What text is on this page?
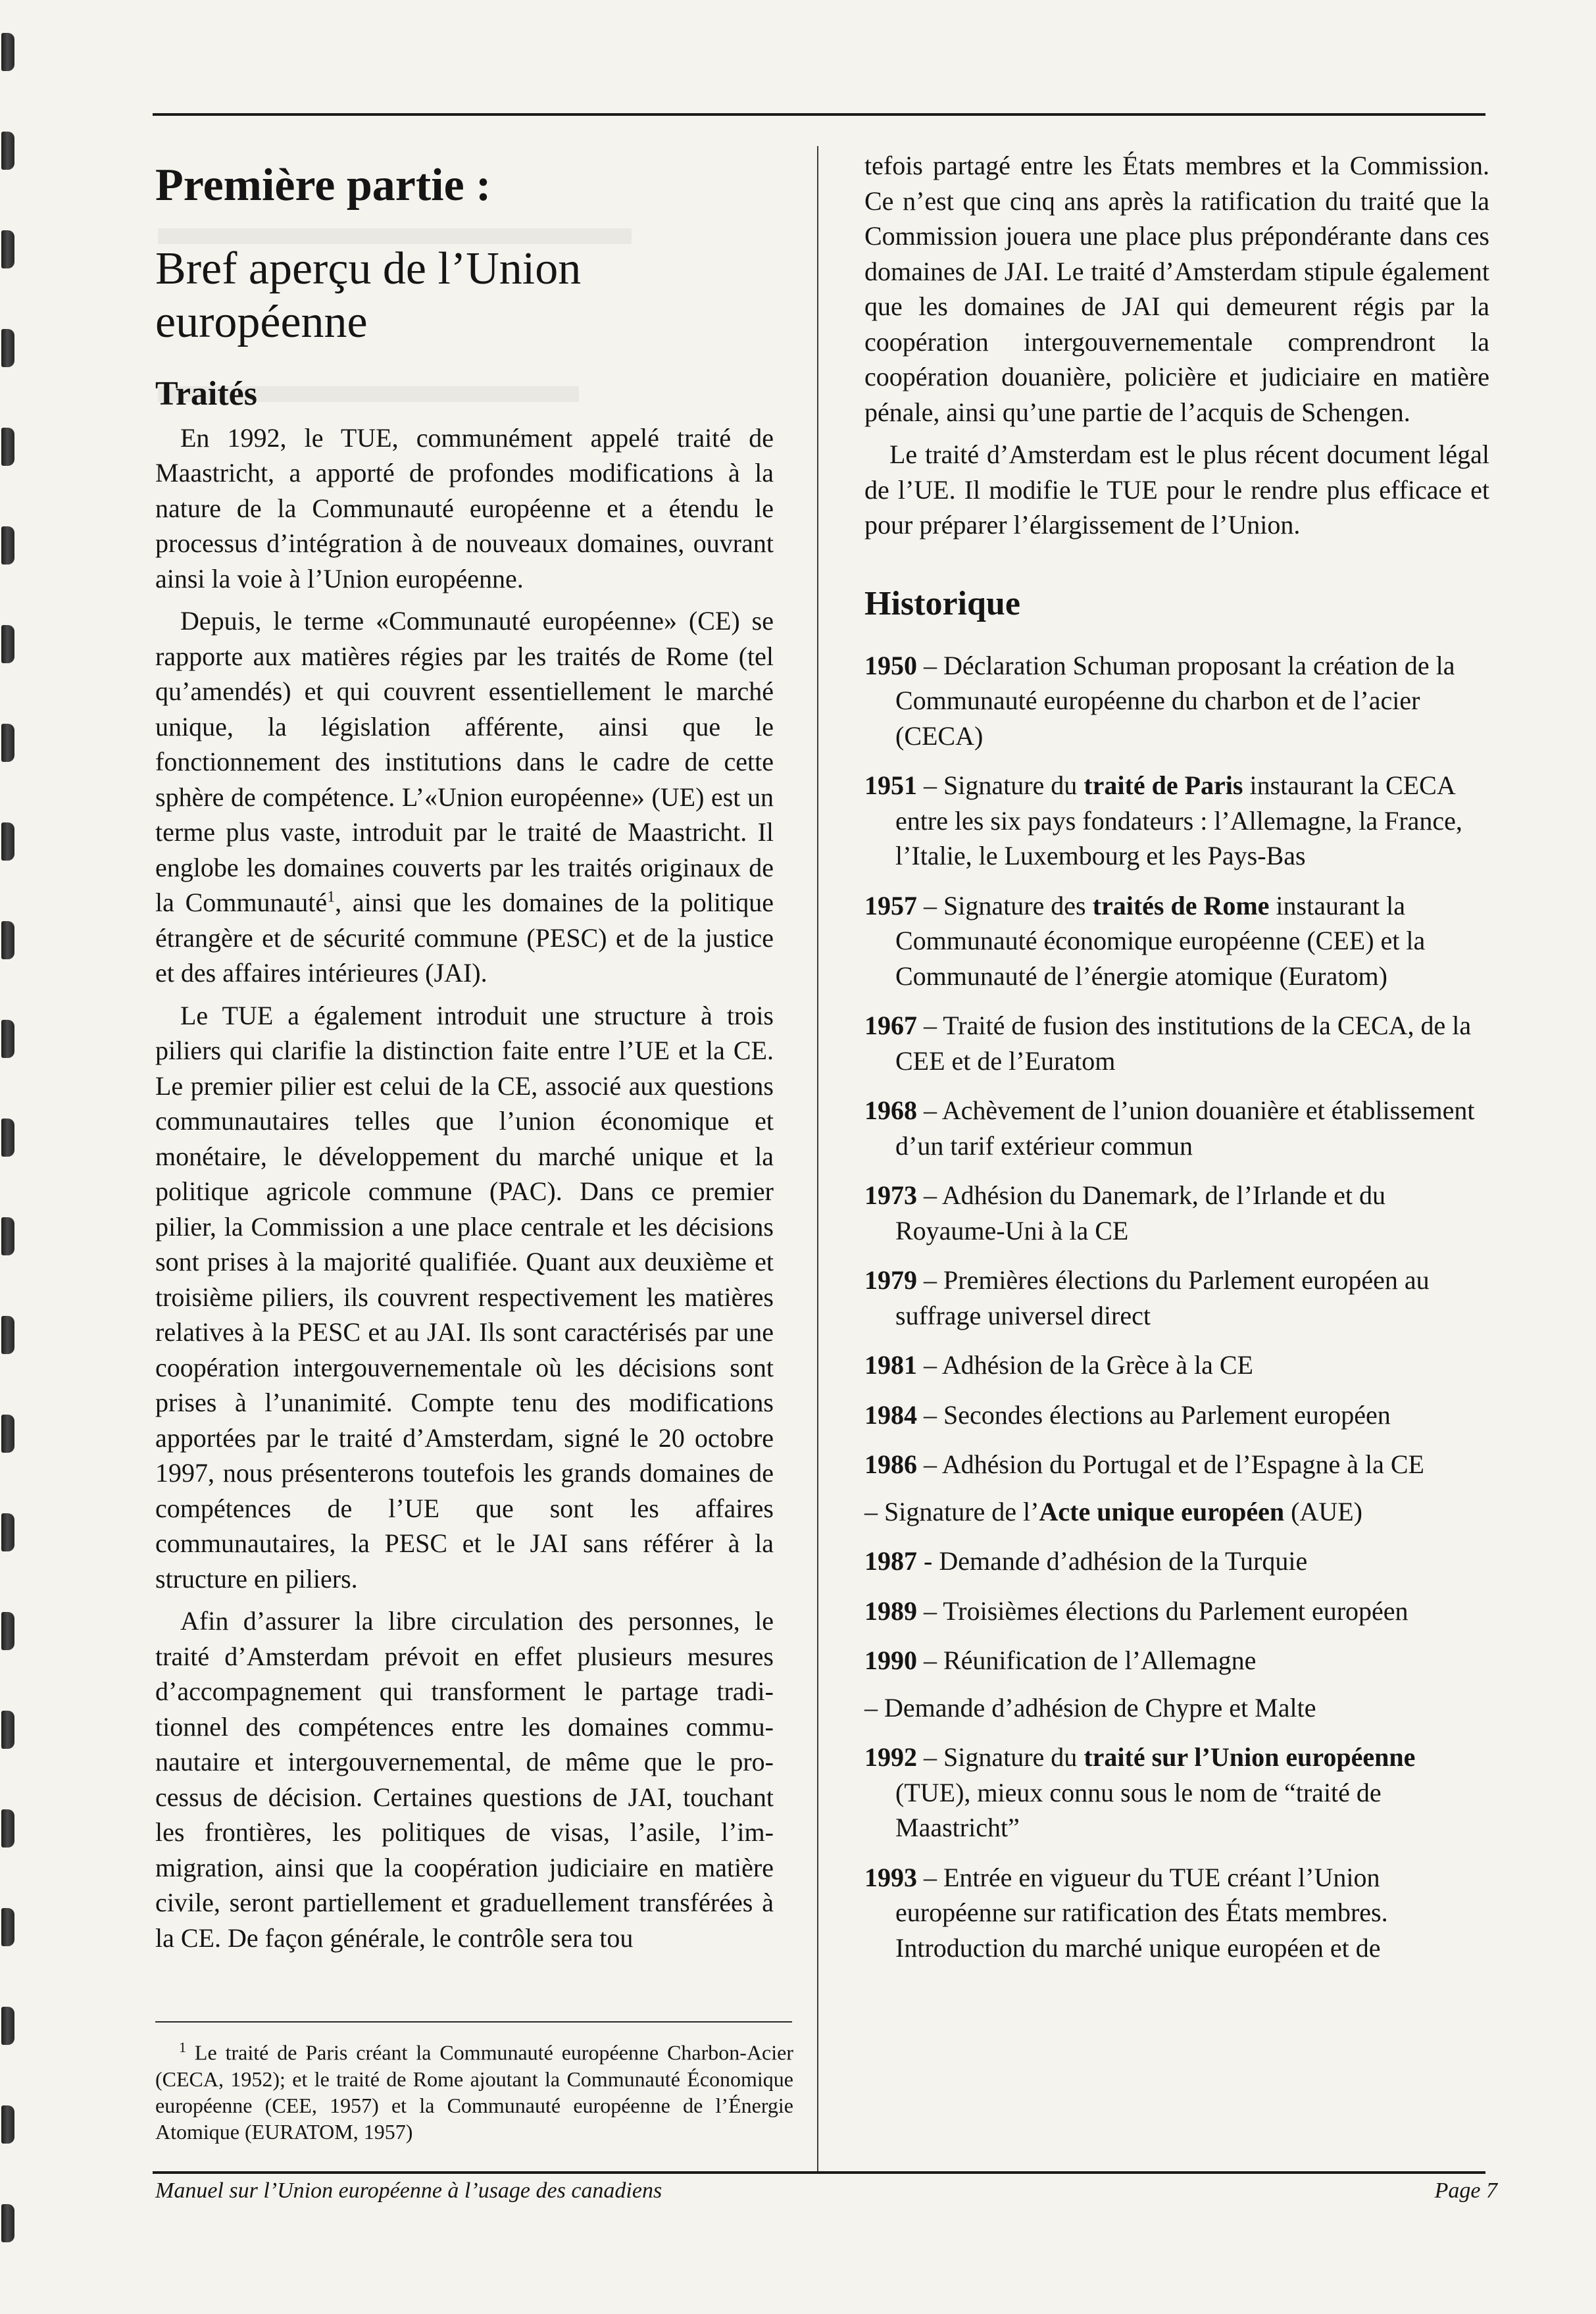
Première partie :
Bref aperçu de l’Union européenne
Traités

En 1992, le TUE, communément appelé traité de Maastricht, a apporté de profondes modifications à la nature de la Communauté européenne et a étendu le processus d’intégration à de nouveaux domaines, ouvrant ainsi la voie à l’Union européenne.

Depuis, le terme «Communauté européenne» (CE) se rapporte aux matières régies par les traités de Rome (tel qu’amendés) et qui couvrent essentiellement le marché unique, la législation afférente, ainsi que le fonctionnement des institutions dans le cadre de cette sphère de compétence. L’«Union européenne» (UE) est un terme plus vaste, introduit par le traité de Maastricht. Il englobe les domaines couverts par les traités originaux de la Communauté$^1$, ainsi que les domaines de la politique étrangère et de sécurité commune (PESC) et de la justice et des affaires intérieures (JAI).

Le TUE a également introduit une structure à trois piliers qui clarifie la distinction faite entre l’UE et la CE. Le premier pilier est celui de la CE, associé aux questions communautaires telles que l’union économique et monétaire, le développement du marché unique et la politique agricole commune (PAC). Dans ce premier pilier, la Commission a une place centrale et les décisions sont prises à la majorité qualifiée. Quant aux deuxième et troisième piliers, ils couvrent respectivement les matières relatives à la PESC et au JAI. Ils sont caractérisés par une coopération intergouvernementale où les décisions sont prises à l’unanimité. Compte tenu des modifications apportées par le traité d’Amsterdam, signé le 20 octobre 1997, nous présenterons toutefois les grands domaines de compétences de l’UE que sont les affaires communautaires, la PESC et le JAI sans référer à la structure en piliers.

Afin d’assurer la libre circulation des personnes, le traité d’Amsterdam prévoit en effet plusieurs mesures d’accompagnement qui transforment le partage traditionnel des compétences entre les domaines communautaire et intergouvernemental, de même que le processus de décision. Certaines questions de JAI, touchant les frontières, les politiques de visas, l’asile, l’immigration, ainsi que la coopération judiciaire en matière civile, seront partiellement et graduellement transférées à la CE. De façon générale, le contrôle sera tou

$^1$ Le traité de Paris créant la Communauté européenne Charbon-Acier (CECA, 1952); et le traité de Rome ajoutant la Communauté Économique européenne (CEE, 1957) et la Communauté européenne de l’Énergie Atomique (EURATOM, 1957)

tefois partagé entre les États membres et la Commission. Ce n’est que cinq ans après la ratification du traité que la Commission jouera une place plus prépondérante dans ces domaines de JAI. Le traité d’Amsterdam stipule également que les domaines de JAI qui demeurent régis par la coopération intergouvernementale comprendront la coopération douanière, policière et judiciaire en matière pénale, ainsi qu’une partie de l’acquis de Schengen.

Le traité d’Amsterdam est le plus récent document légal de l’UE. Il modifie le TUE pour le rendre plus efficace et pour préparer l’élargissement de l’Union.

Historique
1950 – Déclaration Schuman proposant la création de la Communauté européenne du charbon et de l’acier (CECA)
1951 – Signature du traité de Paris instaurant la CECA entre les six pays fondateurs : l’Allemagne, la France, l’Italie, le Luxembourg et les Pays-Bas
1957 – Signature des traités de Rome instaurant la Communauté économique européenne (CEE) et la Communauté de l’énergie atomique (Euratom)
1967 – Traité de fusion des institutions de la CECA, de la CEE et de l’Euratom
1968 – Achèvement de l’union douanière et établissement d’un tarif extérieur commun
1973 – Adhésion du Danemark, de l’Irlande et du Royaume-Uni à la CE
1979 – Premières élections du Parlement européen au suffrage universel direct
1981 – Adhésion de la Grèce à la CE
1984 – Secondes élections au Parlement européen
1986 – Adhésion du Portugal et de l’Espagne à la CE
– Signature de l’Acte unique européen (AUE)
1987 - Demande d’adhésion de la Turquie
1989 – Troisièmes élections du Parlement européen
1990 – Réunification de l’Allemagne
– Demande d’adhésion de Chypre et Malte
1992 – Signature du traité sur l’Union européenne (TUE), mieux connu sous le nom de “traité de Maastricht”
1993 – Entrée en vigueur du TUE créant l’Union européenne sur ratification des États membres. Introduction du marché unique européen et de
Manuel sur l’Union européenne à l’usage des canadiens	Page 7
